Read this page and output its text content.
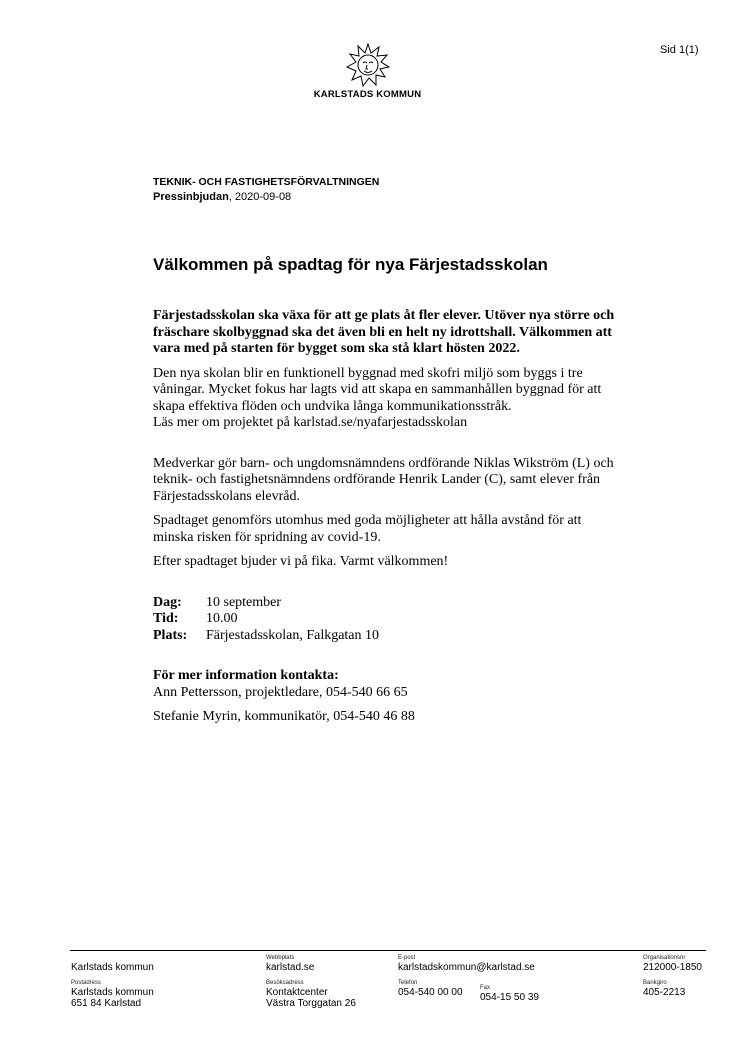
Sid 1(1)
KARLSTADS KOMMUN
TEKNIK- OCH FASTIGHETSFÖRVALTNINGEN
Pressinbjudan, 2020-09-08
Välkommen på spadtag för nya Färjestadsskolan

Färjestadsskolan ska växa för att ge plats åt fler elever. Utöver nya större och fräschare skolbyggnad ska det även bli en helt ny idrottshall. Välkommen att vara med på starten för bygget som ska stå klart hösten 2022.

Den nya skolan blir en funktionell byggnad med skofri miljö som byggs i tre våningar. Mycket fokus har lagts vid att skapa en sammanhållen byggnad för att skapa effektiva flöden och undvika långa kommunikationsstråk.

Läs mer om projektet på karlstad.se/nyafarjestadsskolan

Medverkar gör barn- och ungdomsnämndens ordförande Niklas Wikström (L) och teknik- och fastighetsnämndens ordförande Henrik Lander (C), samt elever från Färjestadsskolans elevråd.

Spadtaget genomförs utomhus med goda möjligheter att hålla avstånd för att minska risken för spridning av covid-19.

Efter spadtaget bjuder vi på fika. Varmt välkommen!

Dag:	10 september
Tid:	10.00
Plats:	Färjestadsskolan, Falkgatan 10

För mer information kontakta:

Ann Pettersson, projektledare, 054-540 66 65

Stefanie Myrin, kommunikatör, 054-540 46 88

Karlstads kommun
Postadress
Karlstads kommun
651 84 Karlstad
Webbplats
karlstad.se
Besöksadress
Kontaktcenter
Västra Torggatan 26
E-post
karlstadskommun@karlstad.se
Telefon
054-540 00 00	Fax
054-15 50 39
Organisationsnr
212000-1850
Bankgiro
405-2213
